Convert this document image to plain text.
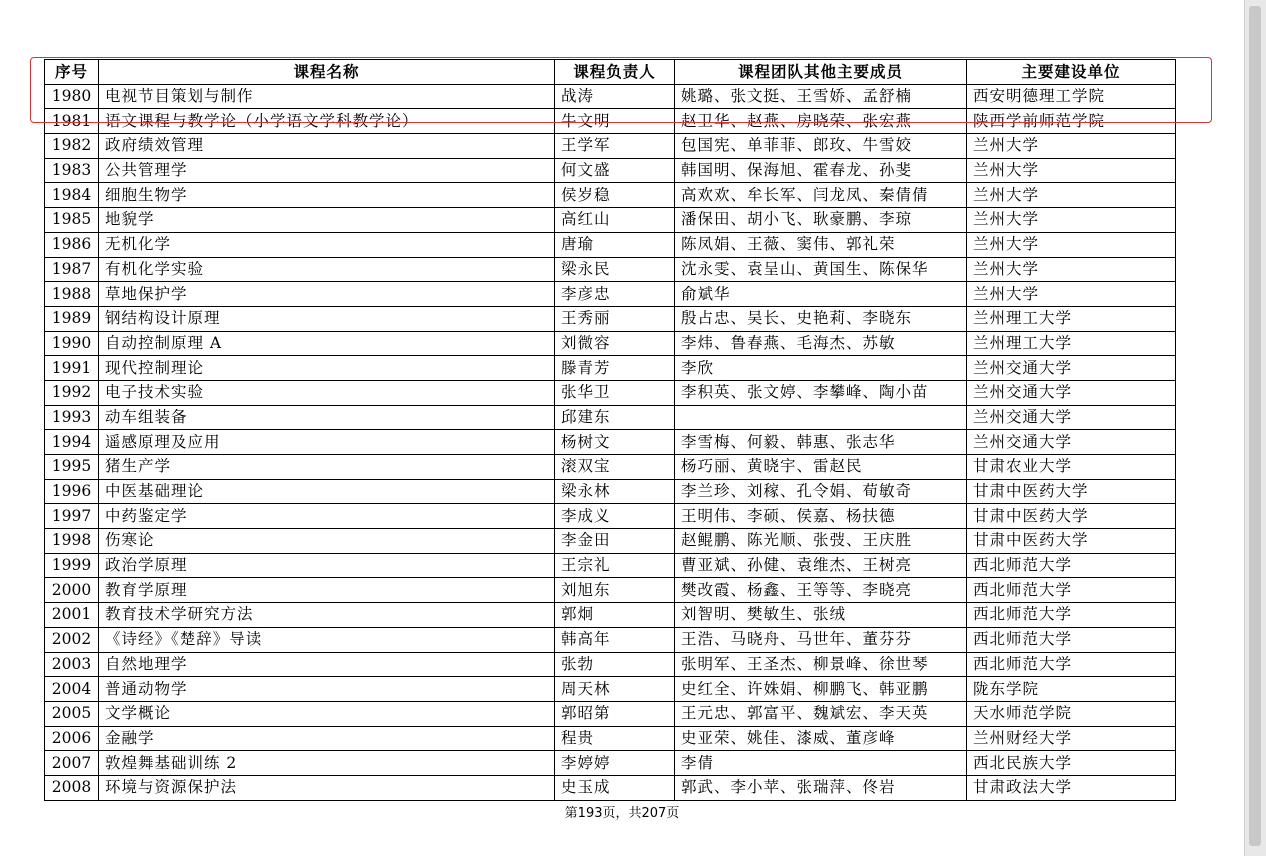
序号	课程名称	课程负责人	课程团队其他主要成员	主要建设单位
1980	电视节目策划与制作	战涛	姚璐、张文挺、王雪娇、孟舒楠	西安明德理工学院
1981	语文课程与教学论（小学语文学科教学论）	牛文明	赵卫华、赵燕、房晓荣、张宏燕	陕西学前师范学院
1982	政府绩效管理	王学军	包国宪、单菲菲、郎玫、牛雪姣	兰州大学
1983	公共管理学	何文盛	韩国明、保海旭、霍春龙、孙斐	兰州大学
1984	细胞生物学	侯岁稳	高欢欢、牟长军、闫龙凤、秦倩倩	兰州大学
1985	地貌学	高红山	潘保田、胡小飞、耿豪鹏、李琼	兰州大学
1986	无机化学	唐瑜	陈凤娟、王薇、窦伟、郭礼荣	兰州大学
1987	有机化学实验	梁永民	沈永雯、袁呈山、黄国生、陈保华	兰州大学
1988	草地保护学	李彦忠	俞斌华	兰州大学
1989	钢结构设计原理	王秀丽	殷占忠、吴长、史艳莉、李晓东	兰州理工大学
1990	自动控制原理 A	刘微容	李炜、鲁春燕、毛海杰、苏敏	兰州理工大学
1991	现代控制理论	滕青芳	李欣	兰州交通大学
1992	电子技术实验	张华卫	李积英、张文婷、李攀峰、陶小苗	兰州交通大学
1993	动车组装备	邱建东		兰州交通大学
1994	遥感原理及应用	杨树文	李雪梅、何毅、韩惠、张志华	兰州交通大学
1995	猪生产学	滚双宝	杨巧丽、黄晓宇、雷赵民	甘肃农业大学
1996	中医基础理论	梁永林	李兰珍、刘稼、孔令娟、荀敏奇	甘肃中医药大学
1997	中药鉴定学	李成义	王明伟、李硕、侯嘉、杨扶德	甘肃中医药大学
1998	伤寒论	李金田	赵鲲鹏、陈光顺、张弢、王庆胜	甘肃中医药大学
1999	政治学原理	王宗礼	曹亚斌、孙健、袁维杰、王树亮	西北师范大学
2000	教育学原理	刘旭东	樊改霞、杨鑫、王等等、李晓亮	西北师范大学
2001	教育技术学研究方法	郭炯	刘智明、樊敏生、张绒	西北师范大学
2002	《诗经》《楚辞》导读	韩高年	王浩、马晓舟、马世年、董芬芬	西北师范大学
2003	自然地理学	张勃	张明军、王圣杰、柳景峰、徐世琴	西北师范大学
2004	普通动物学	周天林	史红全、许姝娟、柳鹏飞、韩亚鹏	陇东学院
2005	文学概论	郭昭第	王元忠、郭富平、魏斌宏、李天英	天水师范学院
2006	金融学	程贵	史亚荣、姚佳、漆威、董彦峰	兰州财经大学
2007	敦煌舞基础训练 2	李婷婷	李倩	西北民族大学
2008	环境与资源保护法	史玉成	郭武、李小苹、张瑞萍、佟岩	甘肃政法大学
第193页，共207页
